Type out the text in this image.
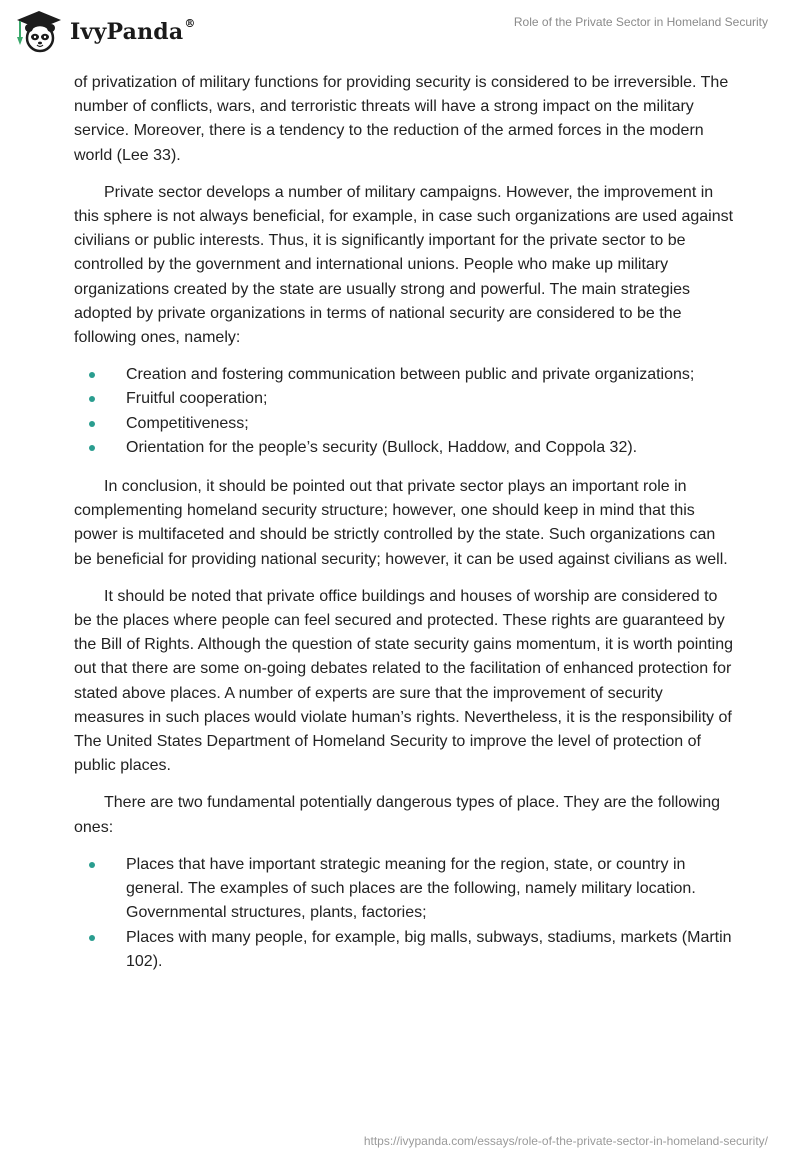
IvyPanda®	Role of the Private Sector in Homeland Security

of privatization of military functions for providing security is considered to be irreversible. The number of conflicts, wars, and terroristic threats will have a strong impact on the military service. Moreover, there is a tendency to the reduction of the armed forces in the modern world (Lee 33).

Private sector develops a number of military campaigns. However, the improvement in this sphere is not always beneficial, for example, in case such organizations are used against civilians or public interests. Thus, it is significantly important for the private sector to be controlled by the government and international unions. People who make up military organizations created by the state are usually strong and powerful. The main strategies adopted by private organizations in terms of national security are considered to be the following ones, namely:

Creation and fostering communication between public and private organizations;
Fruitful cooperation;
Competitiveness;
Orientation for the people’s security (Bullock, Haddow, and Coppola 32).

In conclusion, it should be pointed out that private sector plays an important role in complementing homeland security structure; however, one should keep in mind that this power is multifaceted and should be strictly controlled by the state. Such organizations can be beneficial for providing national security; however, it can be used against civilians as well.

It should be noted that private office buildings and houses of worship are considered to be the places where people can feel secured and protected. These rights are guaranteed by the Bill of Rights. Although the question of state security gains momentum, it is worth pointing out that there are some on-going debates related to the facilitation of enhanced protection for stated above places. A number of experts are sure that the improvement of security measures in such places would violate human’s rights. Nevertheless, it is the responsibility of The United States Department of Homeland Security to improve the level of protection of public places.

There are two fundamental potentially dangerous types of place. They are the following ones:

Places that have important strategic meaning for the region, state, or country in general. The examples of such places are the following, namely military location. Governmental structures, plants, factories;
Places with many people, for example, big malls, subways, stadiums, markets (Martin 102).
https://ivypanda.com/essays/role-of-the-private-sector-in-homeland-security/
